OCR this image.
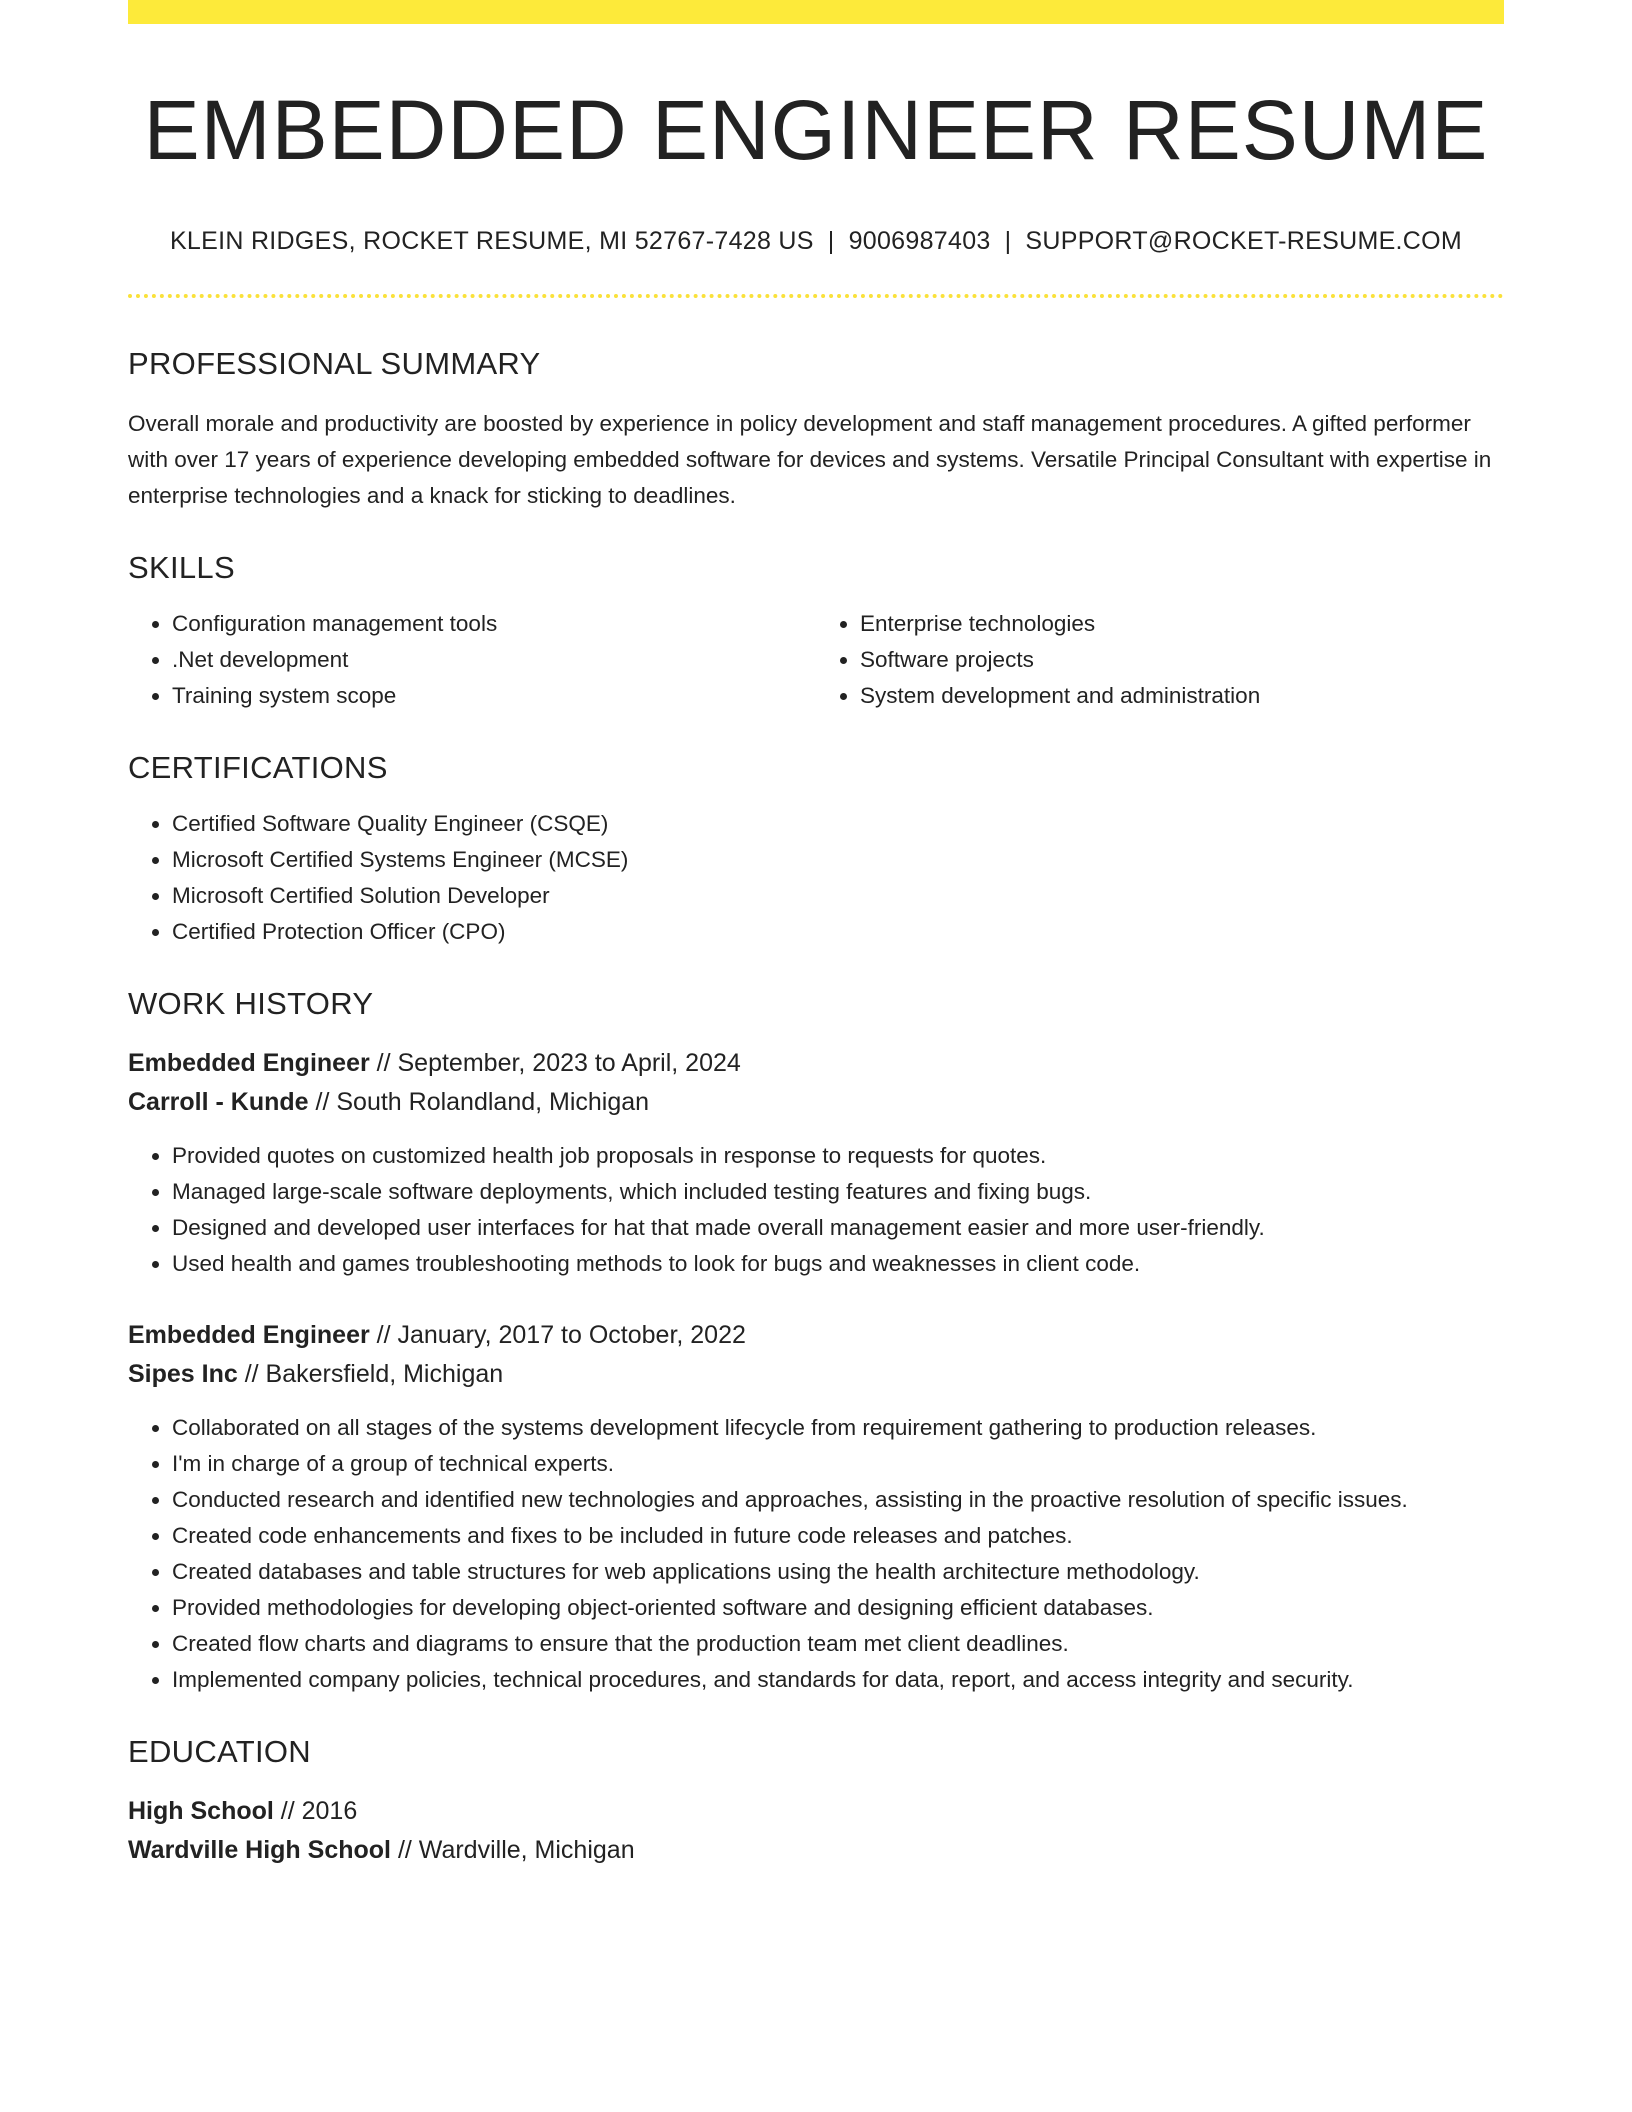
EMBEDDED ENGINEER RESUME
KLEIN RIDGES, ROCKET RESUME, MI 52767-7428 US | 9006987403 | SUPPORT@ROCKET-RESUME.COM
PROFESSIONAL SUMMARY

Overall morale and productivity are boosted by experience in policy development and staff management procedures. A gifted performer with over 17 years of experience developing embedded software for devices and systems. Versatile Principal Consultant with expertise in enterprise technologies and a knack for sticking to deadlines.

SKILLS
• Configuration management tools
• .Net development
• Training system scope
• Enterprise technologies
• Software projects
• System development and administration
CERTIFICATIONS
• Certified Software Quality Engineer (CSQE)
• Microsoft Certified Systems Engineer (MCSE)
• Microsoft Certified Solution Developer
• Certified Protection Officer (CPO)
WORK HISTORY
Embedded Engineer // September, 2023 to April, 2024
Carroll - Kunde // South Rolandland, Michigan
• Provided quotes on customized health job proposals in response to requests for quotes.
• Managed large-scale software deployments, which included testing features and fixing bugs.
• Designed and developed user interfaces for hat that made overall management easier and more user-friendly.
• Used health and games troubleshooting methods to look for bugs and weaknesses in client code.
Embedded Engineer // January, 2017 to October, 2022
Sipes Inc // Bakersfield, Michigan
• Collaborated on all stages of the systems development lifecycle from requirement gathering to production releases.
• I'm in charge of a group of technical experts.
• Conducted research and identified new technologies and approaches, assisting in the proactive resolution of specific issues.
• Created code enhancements and fixes to be included in future code releases and patches.
• Created databases and table structures for web applications using the health architecture methodology.
• Provided methodologies for developing object-oriented software and designing efficient databases.
• Created flow charts and diagrams to ensure that the production team met client deadlines.
• Implemented company policies, technical procedures, and standards for data, report, and access integrity and security.
EDUCATION
High School // 2016
Wardville High School // Wardville, Michigan
